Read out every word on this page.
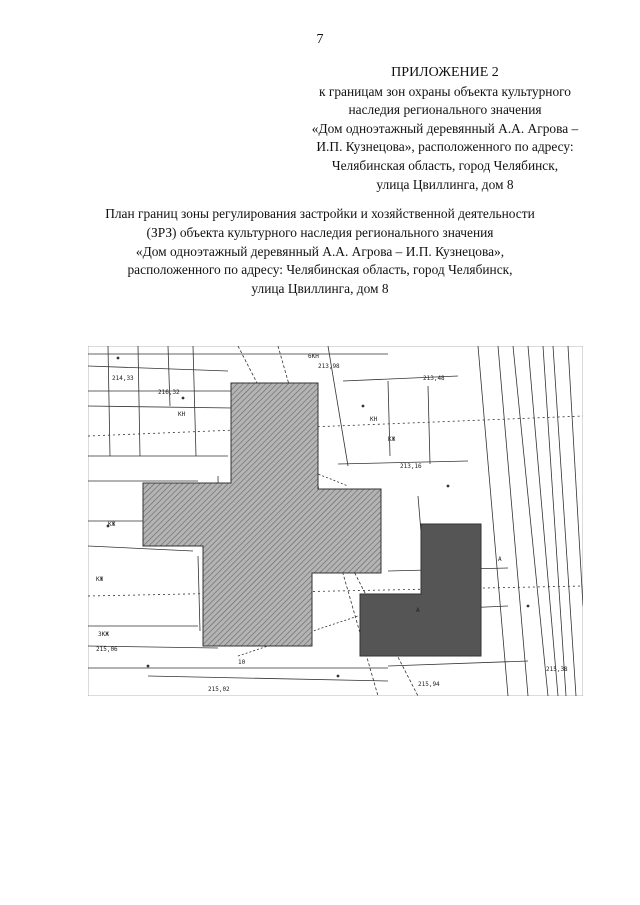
7
ПРИЛОЖЕНИЕ 2
к границам зон охраны объекта культурного
наследия регионального значения
«Дом одноэтажный деревянный А.А. Агрова –
И.П. Кузнецова», расположенного по адресу:
Челябинская область, город Челябинск,
улица Цвиллинга, дом 8
План границ зоны регулирования застройки и хозяйственной деятельности
(ЗРЗ) объекта культурного наследия регионального значения
«Дом одноэтажный деревянный А.А. Агрова – И.П. Кузнецова»,
расположенного по адресу: Челябинская область, город Челябинск,
улица Цвиллинга, дом 8
КЖ
КН
КН
3КЖ
КЖ
6КН
КЖ
А
А
213,98
213,48
213,16
215,06
215,02
215,94
216,32
10
214,33
215,38
